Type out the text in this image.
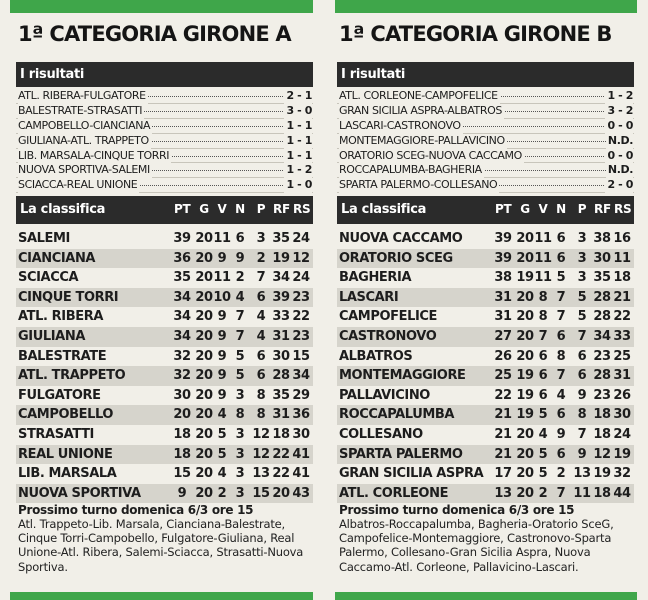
1ª CATEGORIA GIRONE A
I risultati
ATL. RIBERA-FULGATORE	2 - 1
BALESTRATE-STRASATTI	3 - 0
CAMPOBELLO-CIANCIANA	1 - 1
GIULIANA-ATL. TRAPPETO	1 - 1
LIB. MARSALA-CINQUE TORRI	1 - 1
NUOVA SPORTIVA-SALEMI	1 - 2
SCIACCA-REAL UNIONE	1 - 0
La classifica	PT G V N P RF RS
SALEMI	39 20 11 6 3 35 24
CIANCIANA	36 20 9 9 2 19 12
SCIACCA	35 20 11 2 7 34 24
CINQUE TORRI	34 20 10 4 6 39 23
ATL. RIBERA	34 20 9 7 4 33 22
GIULIANA	34 20 9 7 4 31 23
BALESTRATE	32 20 9 5 6 30 15
ATL. TRAPPETO	32 20 9 5 6 28 34
FULGATORE	30 20 9 3 8 35 29
CAMPOBELLO	20 20 4 8 8 31 36
STRASATTI	18 20 5 3 12 18 30
REAL UNIONE	18 20 5 3 12 22 41
LIB. MARSALA	15 20 4 3 13 22 41
NUOVA SPORTIVA	9 20 2 3 15 20 43
Prossimo turno domenica 6/3 ore 15
Atl. Trappeto-Lib. Marsala, Cianciana-Balestrate, Cinque Torri-Campobello, Fulgatore-Giuliana, Real Unione-Atl. Ribera, Salemi-Sciacca, Strasatti-Nuova Sportiva.
1ª CATEGORIA GIRONE B
I risultati
ATL. CORLEONE-CAMPOFELICE	1 - 2
GRAN SICILIA ASPRA-ALBATROS	3 - 2
LASCARI-CASTRONOVO	0 - 0
MONTEMAGGIORE-PALLAVICINO	N.D.
ORATORIO SCEG-NUOVA CACCAMO	0 - 0
ROCCAPALUMBA-BAGHERIA	N.D.
SPARTA PALERMO-COLLESANO	2 - 0
La classifica	PT G V N P RF RS
NUOVA CACCAMO 39 20 11 6 3 38 16
ORATORIO SCEG	39 20 11 6 3 30 11
BAGHERIA	38 19 11 5 3 35 18
LASCARI	31 20 8 7 5 28 21
CAMPOFELICE	31 20 8 7 5 28 22
CASTRONOVO	27 20 7 6 7 34 33
ALBATROS	26 20 6 8 6 23 25
MONTEMAGGIORE 25 19 6 7 6 28 31
PALLAVICINO	22 19 6 4 9 23 26
ROCCAPALUMBA	21 19 5 6 8 18 30
COLLESANO	21 20 4 9 7 18 24
SPARTA PALERMO 21 20 5 6 9 12 19
GRAN SICILIA ASPRA 17 20 5 2 13 19 32
ATL. CORLEONE	13 20 2 7 11 18 44
Prossimo turno domenica 6/3 ore 15
Albatros-Roccapalumba, Bagheria-Oratorio SceG, Campofelice-Montemaggiore, Castronovo-Sparta Palermo, Collesano-Gran Sicilia Aspra, Nuova Caccamo-Atl. Corleone, Pallavicino-Lascari.
